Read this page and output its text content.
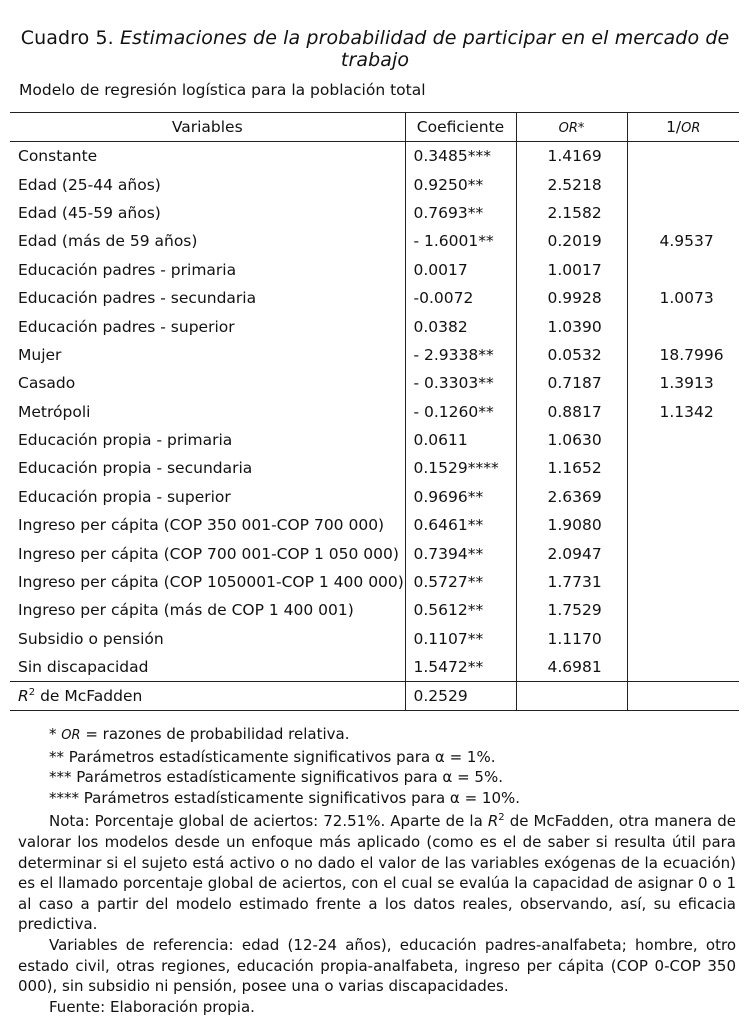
Cuadro 5. Estimaciones de la probabilidad de participar en el mercado de trabajo
Modelo de regresión logística para la población total
Variables	Coeficiente	OR*	1/OR
Constante	0.3485***	1.4169	
Edad (25-44 años)	0.9250**	2.5218	
Edad (45-59 años)	0.7693**	2.1582	
Edad (más de 59 años)	- 1.6001**	0.2019	4.9537
Educación padres - primaria	0.0017	1.0017	
Educación padres - secundaria	-0.0072	0.9928	1.0073
Educación padres - superior	0.0382	1.0390	
Mujer	- 2.9338**	0.0532	18.7996
Casado	- 0.3303**	0.7187	1.3913
Metrópoli	- 0.1260**	0.8817	1.1342
Educación propia - primaria	0.0611	1.0630	
Educación propia - secundaria	0.1529****	1.1652	
Educación propia - superior	0.9696**	2.6369	
Ingreso per cápita (COP 350 001-COP 700 000)	0.6461**	1.9080	
Ingreso per cápita (COP 700 001-COP 1 050 000)	0.7394**	2.0947	
Ingreso per cápita (COP 1050001-COP 1 400 000)	0.5727**	1.7731	
Ingreso per cápita (más de COP 1 400 001)	0.5612**	1.7529	
Subsidio o pensión	0.1107**	1.1170	
Sin discapacidad	1.5472**	4.6981	
$R^2$ de McFadden	0.2529		

* OR = razones de probabilidad relativa.

** Parámetros estadísticamente significativos para α = 1%.

*** Parámetros estadísticamente significativos para α = 5%.

**** Parámetros estadísticamente significativos para α = 10%.

Nota: Porcentaje global de aciertos: 72.51%. Aparte de la $R^2$ de McFadden, otra manera de valorar los modelos desde un enfoque más aplicado (como es el de saber si resulta útil para determinar si el sujeto está activo o no dado el valor de las variables exógenas de la ecuación) es el llamado porcentaje global de aciertos, con el cual se evalúa la capacidad de asignar 0 o 1 al caso a partir del modelo estimado frente a los datos reales, observando, así, su eficacia predictiva.

Variables de referencia: edad (12-24 años), educación padres-analfabeta; hombre, otro estado civil, otras regiones, educación propia-analfabeta, ingreso per cápita (COP 0-COP 350 000), sin subsidio ni pensión, posee una o varias discapacidades.

Fuente: Elaboración propia.
